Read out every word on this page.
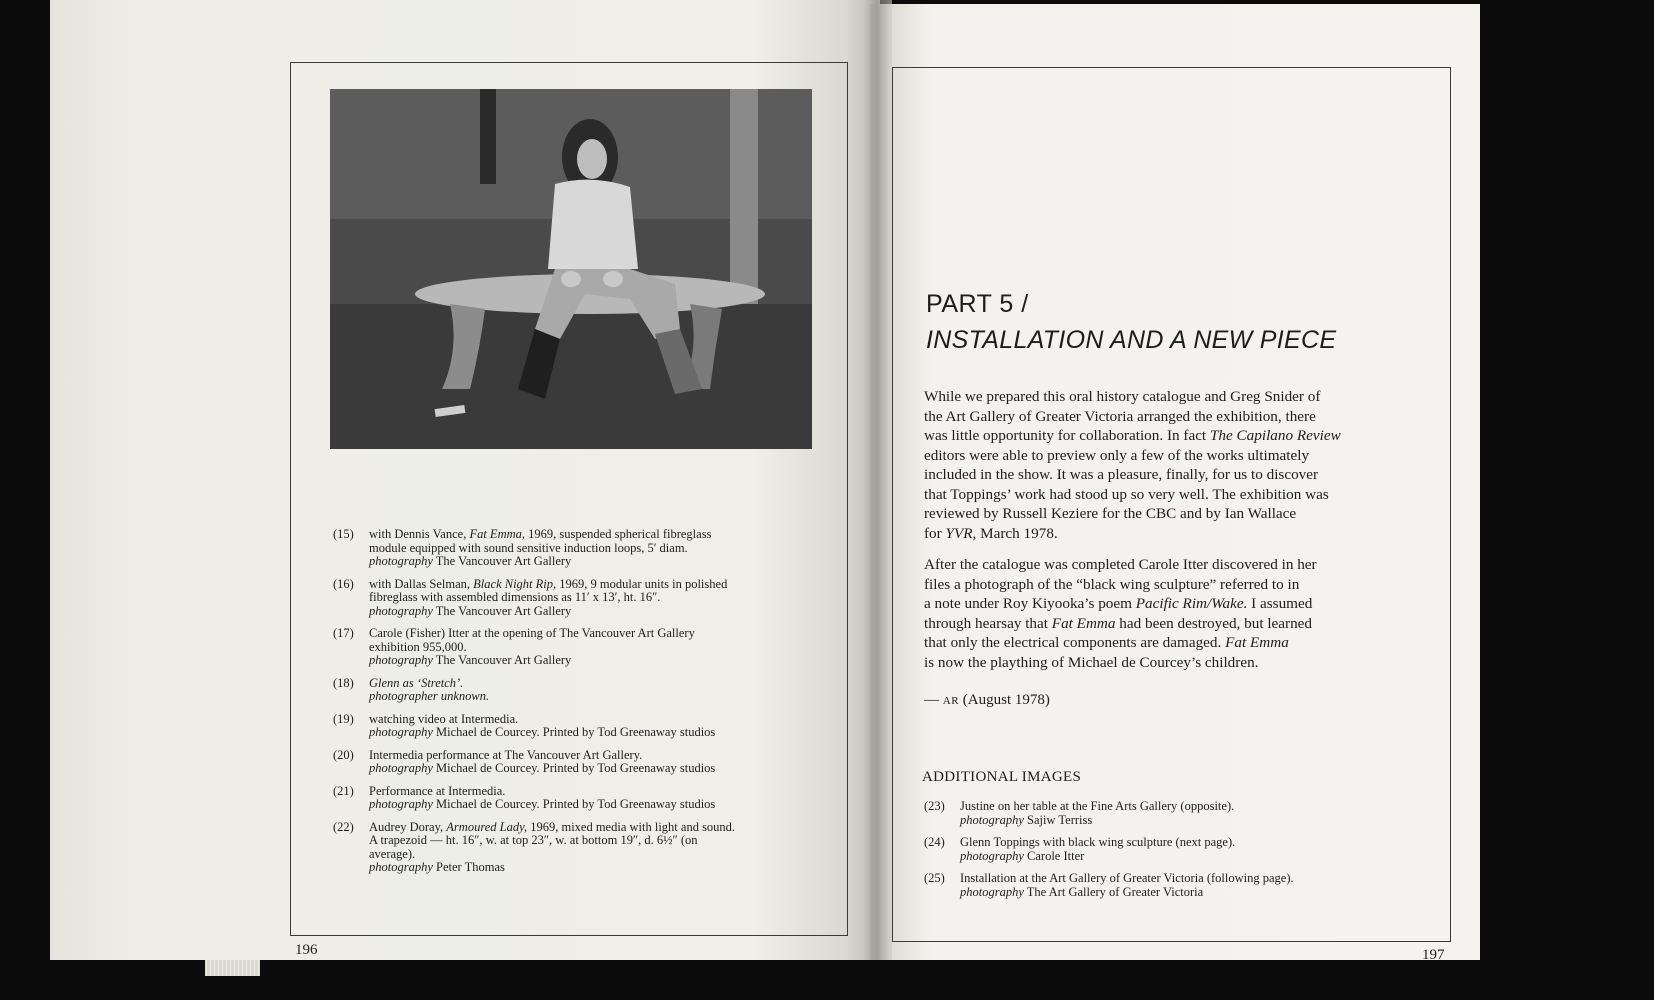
(15) with Dennis Vance, Fat Emma, 1969, suspended spherical fibreglass
module equipped with sound sensitive induction loops, 5′ diam.
photography The Vancouver Art Gallery
(16) with Dallas Selman, Black Night Rip, 1969, 9 modular units in polished
fibreglass with assembled dimensions as 11′ x 13′, ht. 16″.
photography The Vancouver Art Gallery
(17) Carole (Fisher) Itter at the opening of The Vancouver Art Gallery
exhibition 955,000.
photography The Vancouver Art Gallery
(18) Glenn as ‘Stretch’.
photographer unknown.
(19) watching video at Intermedia.
photography Michael de Courcey. Printed by Tod Greenaway studios
(20) Intermedia performance at The Vancouver Art Gallery.
photography Michael de Courcey. Printed by Tod Greenaway studios
(21) Performance at Intermedia.
photography Michael de Courcey. Printed by Tod Greenaway studios
(22) Audrey Doray, Armoured Lady, 1969, mixed media with light and sound.
A trapezoid — ht. 16″, w. at top 23″, w. at bottom 19″, d. 6½″ (on
average).
photography Peter Thomas
196
PART 5 /
INSTALLATION AND A NEW PIECE
While we prepared this oral history catalogue and Greg Snider of
the Art Gallery of Greater Victoria arranged the exhibition, there
was little opportunity for collaboration. In fact The Capilano Review
editors were able to preview only a few of the works ultimately
included in the show. It was a pleasure, finally, for us to discover
that Toppings’ work had stood up so very well. The exhibition was
reviewed by Russell Keziere for the CBC and by Ian Wallace
for YVR, March 1978.
After the catalogue was completed Carole Itter discovered in her
files a photograph of the “black wing sculpture” referred to in
a note under Roy Kiyooka’s poem Pacific Rim/Wake. I assumed
through hearsay that Fat Emma had been destroyed, but learned
that only the electrical components are damaged. Fat Emma
is now the plaything of Michael de Courcey’s children.
— AR (August 1978)
ADDITIONAL IMAGES
(23) Justine on her table at the Fine Arts Gallery (opposite).
photography Sajiw Terriss
(24) Glenn Toppings with black wing sculpture (next page).
photography Carole Itter
(25) Installation at the Art Gallery of Greater Victoria (following page).
photography The Art Gallery of Greater Victoria
197
